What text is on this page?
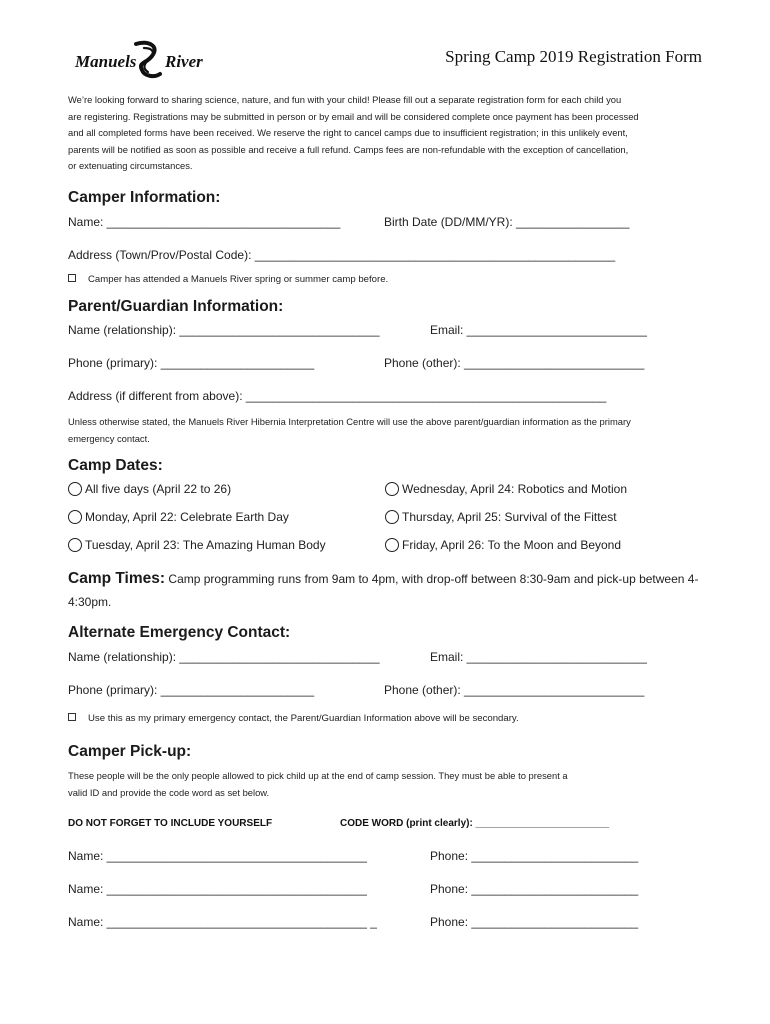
Manuels River	Spring Camp 2019 Registration Form

We’re looking forward to sharing science, nature, and fun with your child! Please fill out a separate registration form for each child you

are registering. Registrations may be submitted in person or by email and will be considered complete once payment has been processed

and all completed forms have been received. We reserve the right to cancel camps due to insufficient registration; in this unlikely event,

parents will be notified as soon as possible and receive a full refund. Camps fees are non-refundable with the exception of cancellation,

or extenuating circumstances.

Camper Information:
Name: ___________________________________	Birth Date (DD/MM/YR): _________________
Address (Town/Prov/Postal Code): ______________________________________________________
Camper has attended a Manuels River spring or summer camp before.
Parent/Guardian Information:
Name (relationship): ______________________________	Email: ___________________________
Phone (primary): _______________________	Phone (other): ___________________________
Address (if different from above): ______________________________________________________

Unless otherwise stated, the Manuels River Hibernia Interpretation Centre will use the above parent/guardian information as the primary

emergency contact.

Camp Dates:
All five days (April 22 to 26)
Monday, April 22: Celebrate Earth Day
Tuesday, April 23: The Amazing Human Body
Wednesday, April 24: Robotics and Motion
Thursday, April 25: Survival of the Fittest
Friday, April 26: To the Moon and Beyond
Camp Times: Camp programming runs from 9am to 4pm, with drop-off between 8:30-9am and pick-up between 4-4:30pm.
Alternate Emergency Contact:
Name (relationship): ______________________________	Email: ___________________________
Phone (primary): _______________________	Phone (other): ___________________________
Use this as my primary emergency contact, the Parent/Guardian Information above will be secondary.
Camper Pick-up:

These people will be the only people allowed to pick child up at the end of camp session. They must be able to present a

valid ID and provide the code word as set below.

DO NOT FORGET TO INCLUDE YOURSELF	CODE WORD (print clearly): ________________________
Name: _______________________________________	Phone: _________________________
Name: _______________________________________	Phone: _________________________
Name: _______________________________________ _	Phone: _________________________
